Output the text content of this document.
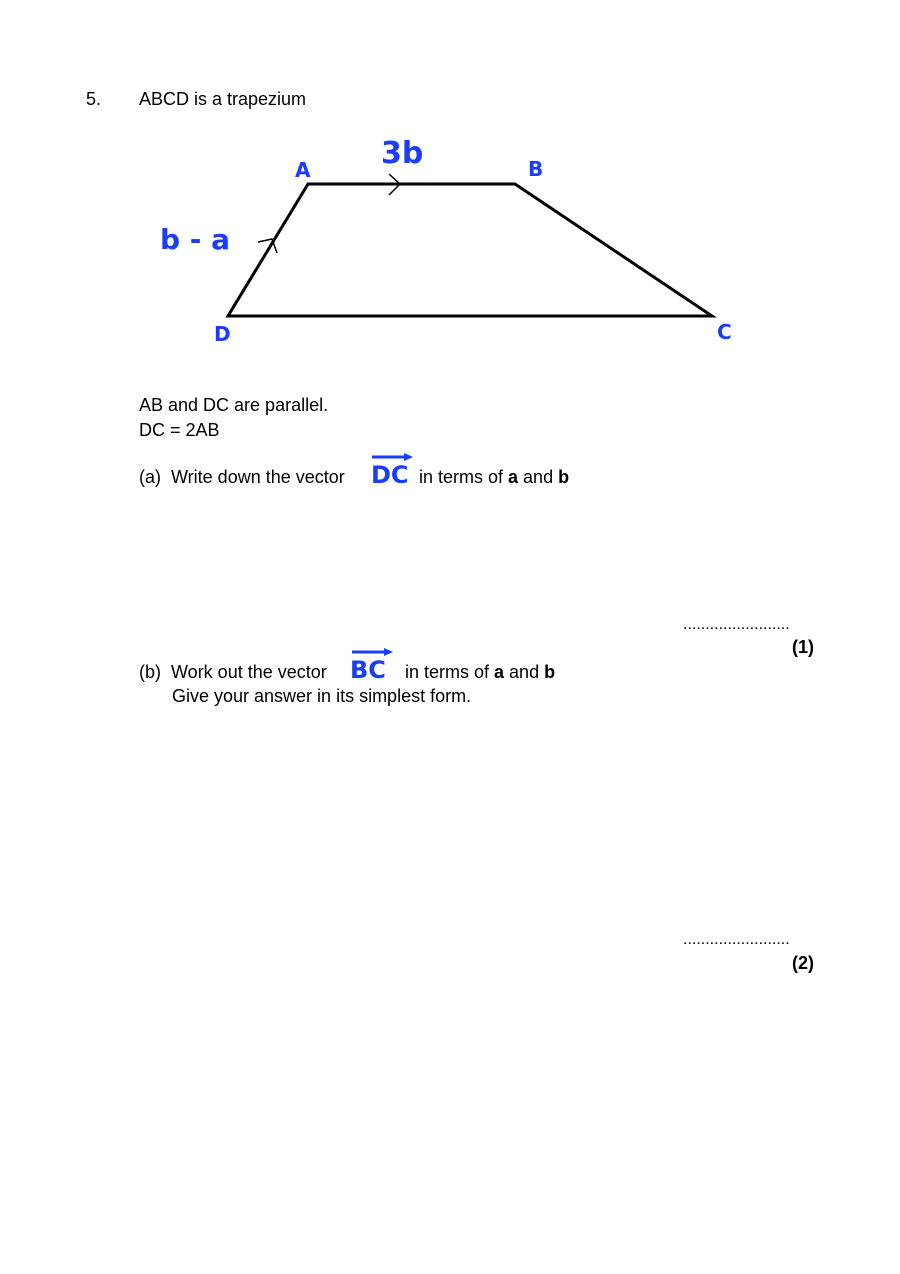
5. ABCD is a trapezium
A	B
C
D
3b
b - a
AB and DC are parallel.
DC = 2AB
(a) Write down the vector DC in terms of a and b
........................
(1)
(b) Work out the vector BC in terms of a and b
Give your answer in its simplest form.
........................
(2)
